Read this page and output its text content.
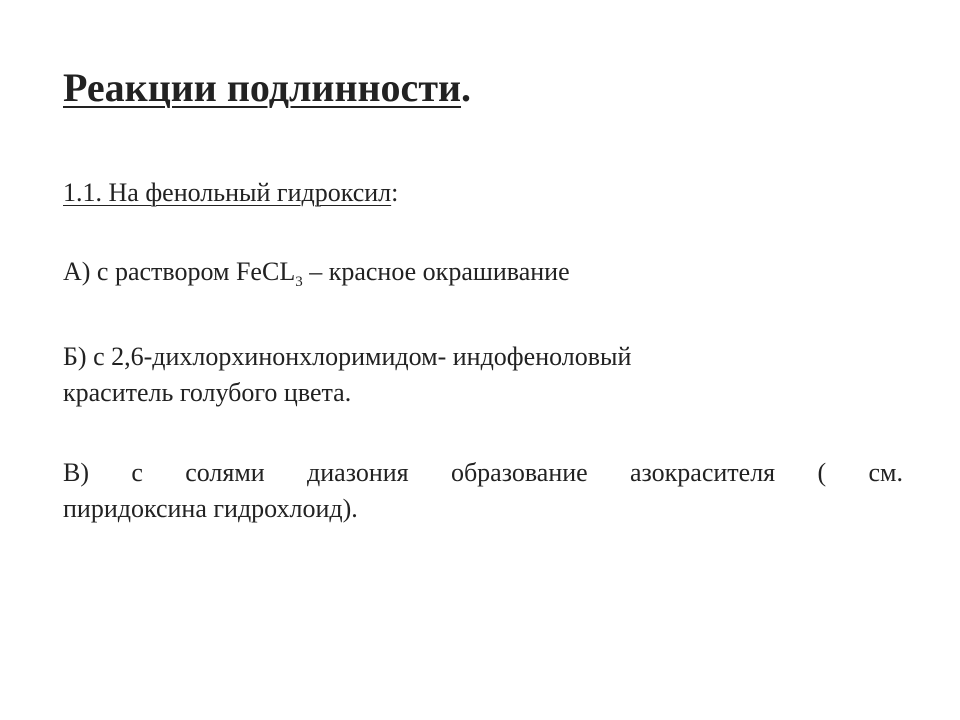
Реакции подлинности.
1.1. На фенольный гидроксил:
А) с раствором FeCL$_3$ – красное окрашивание
Б) с 2,6-дихлорхинонхлоримидом- индофеноловый
краситель голубого цвета.
В) с солями диазония образование азокрасителя ( см.
пиридоксина гидрохлоид).
